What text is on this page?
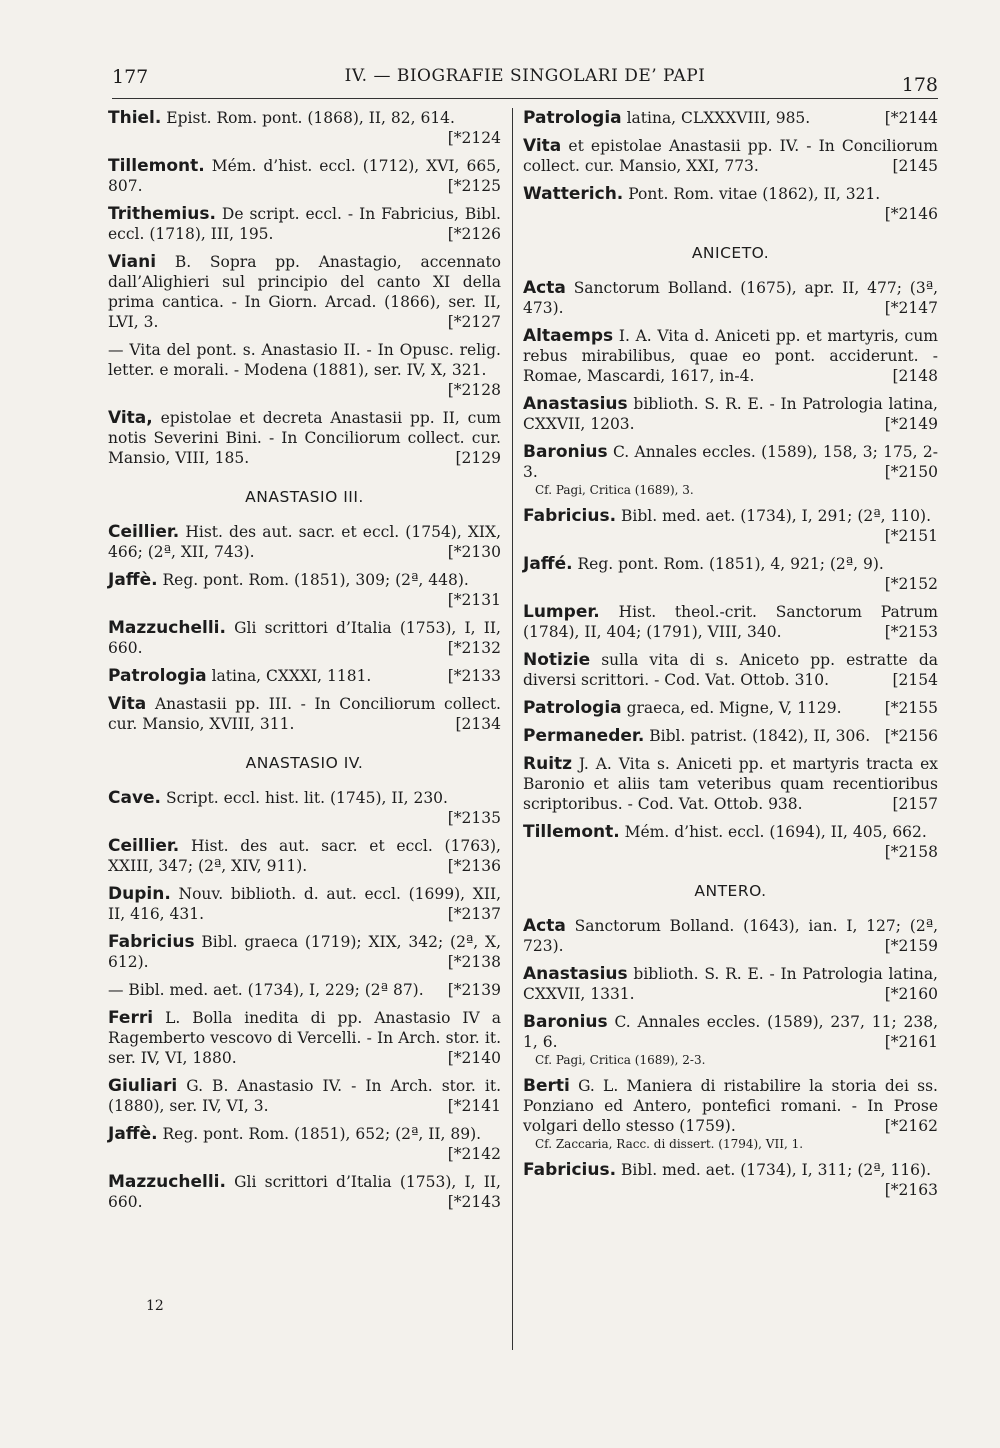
177	IV. — BIOGRAFIE SINGOLARI DE’ PAPI	178
Thiel. Epist. Rom. pont. (1868), II, 82, 614.
[*2124
Tillemont. Mém. d’hist. eccl. (1712), XVI, 665, 807.	[*2125
Trithemius. De script. eccl. - In Fabricius, Bibl. eccl. (1718), III, 195.	[*2126
Viani B. Sopra pp. Anastagio, accennato dall’Alighieri sul principio del canto XI della prima cantica. - In Giorn. Arcad. (1866), ser. II, LVI, 3.	[*2127
— Vita del pont. s. Anastasio II. - In Opusc. relig. letter. e morali. - Modena (1881), ser. IV, X, 321.
[*2128
Vita, epistolae et decreta Anastasii pp. II, cum notis Severini Bini. - In Conciliorum collect. cur. Mansio, VIII, 185.	[2129
ANASTASIO III.
Ceillier. Hist. des aut. sacr. et eccl. (1754), XIX, 466; (2ª, XII, 743).	[*2130
Jaffè. Reg. pont. Rom. (1851), 309; (2ª, 448).
[*2131
Mazzuchelli. Gli scrittori d’Italia (1753), I, II, 660.	[*2132
Patrologia latina, CXXXI, 1181.	[*2133
Vita Anastasii pp. III. - In Conciliorum collect. cur. Mansio, XVIII, 311.	[2134
ANASTASIO IV.
Cave. Script. eccl. hist. lit. (1745), II, 230.
[*2135
Ceillier. Hist. des aut. sacr. et eccl. (1763), XXIII, 347; (2ª, XIV, 911).	[*2136
Dupin. Nouv. biblioth. d. aut. eccl. (1699), XII, II, 416, 431.	[*2137
Fabricius Bibl. graeca (1719); XIX, 342; (2ª, X, 612).	[*2138
— Bibl. med. aet. (1734), I, 229; (2ª 87). [*2139
Ferri L. Bolla inedita di pp. Anastasio IV a Ragemberto vescovo di Vercelli. - In Arch. stor. it. ser. IV, VI, 1880.	[*2140
Giuliari G. B. Anastasio IV. - In Arch. stor. it. (1880), ser. IV, VI, 3.	[*2141
Jaffè. Reg. pont. Rom. (1851), 652; (2ª, II, 89).
[*2142
Mazzuchelli. Gli scrittori d’Italia (1753), I, II, 660.	[*2143
Patrologia latina, CLXXXVIII, 985.	[*2144
Vita et epistolae Anastasii pp. IV. - In Conciliorum collect. cur. Mansio, XXI, 773.	[2145
Watterich. Pont. Rom. vitae (1862), II, 321.
[*2146
ANICETO.
Acta Sanctorum Bolland. (1675), apr. II, 477; (3ª, 473).	[*2147
Altaemps I. A. Vita d. Aniceti pp. et martyris, cum rebus mirabilibus, quae eo pont. acciderunt. - Romae, Mascardi, 1617, in-4.	[2148
Anastasius biblioth. S. R. E. - In Patrologia latina, CXXVII, 1203.	[*2149
Baronius C. Annales eccles. (1589), 158, 3; 175, 2-3.	[*2150
Cf. Pagi, Critica (1689), 3.
Fabricius. Bibl. med. aet. (1734), I, 291; (2ª, 110).
[*2151
Jaffé. Reg. pont. Rom. (1851), 4, 921; (2ª, 9).
[*2152
Lumper. Hist. theol.-crit. Sanctorum Patrum (1784), II, 404; (1791), VIII, 340.	[*2153
Notizie sulla vita di s. Aniceto pp. estratte da diversi scrittori. - Cod. Vat. Ottob. 310.	[2154
Patrologia graeca, ed. Migne, V, 1129.	[*2155
Permaneder. Bibl. patrist. (1842), II, 306. [*2156
Ruitz J. A. Vita s. Aniceti pp. et martyris tracta ex Baronio et aliis tam veteribus quam recentioribus scriptoribus. - Cod. Vat. Ottob. 938.	[2157
Tillemont. Mém. d’hist. eccl. (1694), II, 405, 662.
[*2158
ANTERO.
Acta Sanctorum Bolland. (1643), ian. I, 127; (2ª, 723).	[*2159
Anastasius biblioth. S. R. E. - In Patrologia latina, CXXVII, 1331.	[*2160
Baronius C. Annales eccles. (1589), 237, 11; 238, 1, 6.	[*2161
Cf. Pagi, Critica (1689), 2-3.
Berti G. L. Maniera di ristabilire la storia dei ss. Ponziano ed Antero, pontefici romani. - In Prose volgari dello stesso (1759).	[*2162
Cf. Zaccaria, Racc. di dissert. (1794), VII, 1.
Fabricius. Bibl. med. aet. (1734), I, 311; (2ª, 116).
[*2163
12
